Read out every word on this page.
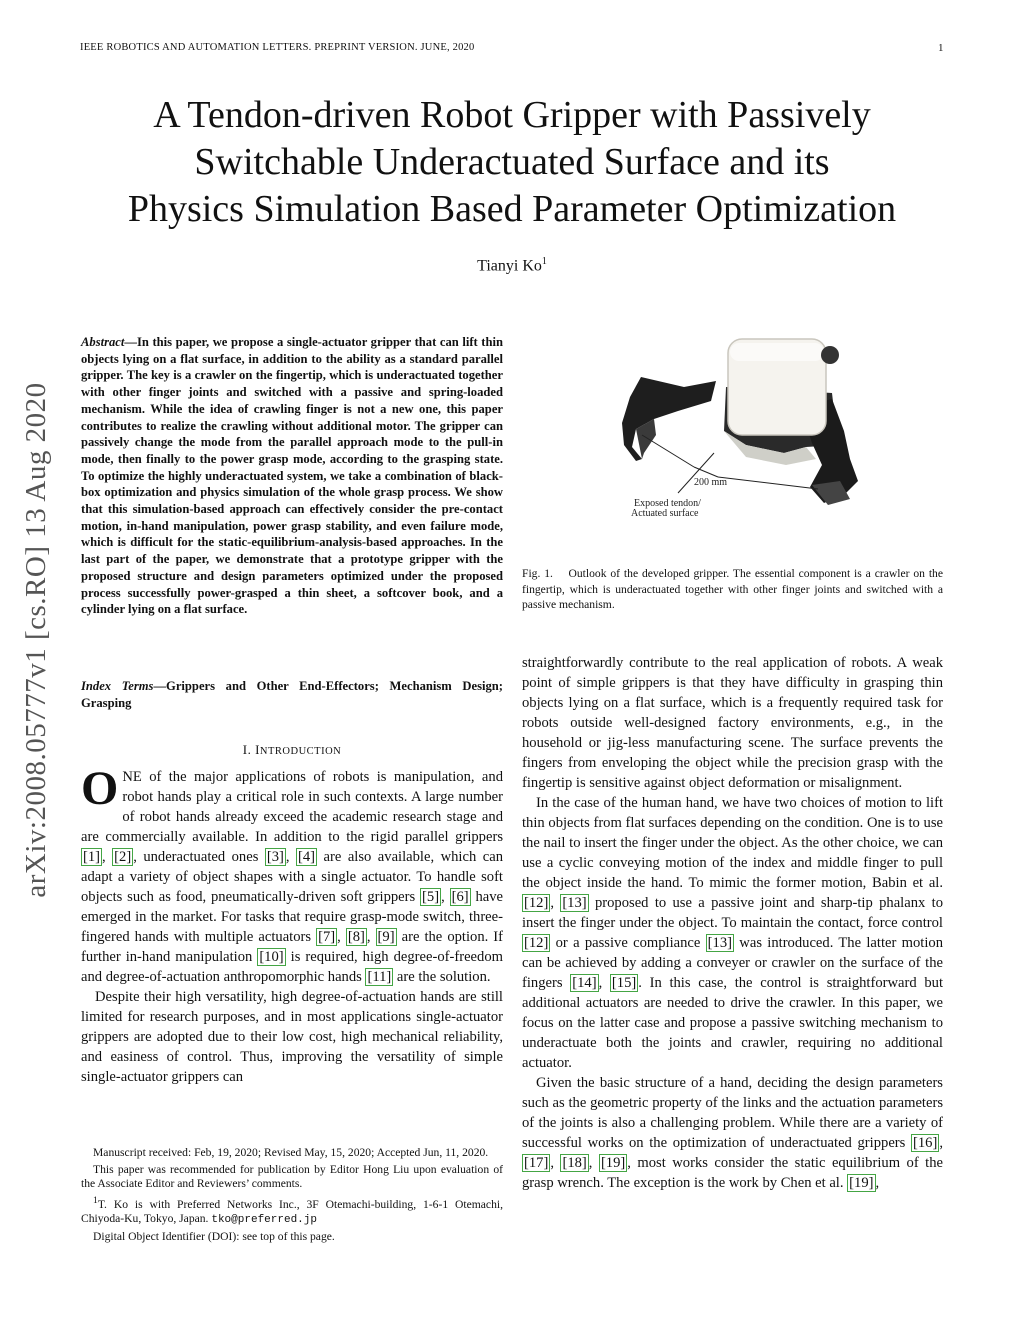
IEEE ROBOTICS AND AUTOMATION LETTERS. PREPRINT VERSION. JUNE, 2020	1
A Tendon-driven Robot Gripper with Passively
Switchable Underactuated Surface and its
Physics Simulation Based Parameter Optimization
Tianyi Ko$^1$
arXiv:2008.05777v1 [cs.RO] 13 Aug 2020
Abstract—In this paper, we propose a single-actuator gripper that can lift thin objects lying on a flat surface, in addition to the ability as a standard parallel gripper. The key is a crawler on the fingertip, which is underactuated together with other finger joints and switched with a passive and spring-loaded mechanism. While the idea of crawling finger is not a new one, this paper contributes to realize the crawling without additional motor. The gripper can passively change the mode from the parallel approach mode to the pull-in mode, then finally to the power grasp mode, according to the grasping state. To optimize the highly underactuated system, we take a combination of black-box optimization and physics simulation of the whole grasp process. We show that this simulation-based approach can effectively consider the pre-contact motion, in-hand manipulation, power grasp stability, and even failure mode, which is difficult for the static-equilibrium-analysis-based approaches. In the last part of the paper, we demonstrate that a prototype gripper with the proposed structure and design parameters optimized under the proposed process successfully power-grasped a thin sheet, a softcover book, and a cylinder lying on a flat surface.
Index Terms—Grippers and Other End-Effectors; Mechanism Design; Grasping
I. INTRODUCTION

ONE of the major applications of robots is manipulation, and robot hands play a critical role in such contexts. A large number of robot hands already exceed the academic research stage and are commercially available. In addition to the rigid parallel grippers [1] , [2] , underactuated ones [3] , [4] are also available, which can adapt a variety of object shapes with a single actuator. To handle soft objects such as food, pneumatically-driven soft grippers [5] , [6] have emerged in the market. For tasks that require grasp-mode switch, three-fingered hands with multiple actuators [7] , [8] , [9] are the option. If further in-hand manipulation [10] is required, high degree-of-freedom and degree-of-actuation anthropomorphic hands [11] are the solution.

Despite their high versatility, high degree-of-actuation hands are still limited for research purposes, and in most applications single-actuator grippers are adopted due to their low cost, high mechanical reliability, and easiness of control. Thus, improving the versatility of simple single-actuator grippers can

Manuscript received: Feb, 19, 2020; Revised May, 15, 2020; Accepted Jun, 11, 2020.

This paper was recommended for publication by Editor Hong Liu upon evaluation of the Associate Editor and Reviewers’ comments.

$^1$T. Ko is with Preferred Networks Inc., 3F Otemachi-building, 1-6-1 Otemachi, Chiyoda-Ku, Tokyo, Japan. tko@preferred.jp

Digital Object Identifier (DOI): see top of this page.

200 mm
Exposed tendon/
Actuated surface
Fig. 1. Outlook of the developed gripper. The essential component is a crawler on the fingertip, which is underactuated together with other finger joints and switched with a passive mechanism.

straightforwardly contribute to the real application of robots. A weak point of simple grippers is that they have difficulty in grasping thin objects lying on a flat surface, which is a frequently required task for robots outside well-designed factory environments, e.g., in the household or jig-less manufacturing scene. The surface prevents the fingers from enveloping the object while the precision grasp with the fingertip is sensitive against object deformation or misalignment.

In the case of the human hand, we have two choices of motion to lift thin objects from flat surfaces depending on the condition. One is to use the nail to insert the finger under the object. As the other choice, we can use a cyclic conveying motion of the index and middle finger to pull the object inside the hand. To mimic the former motion, Babin et al. [12] , [13] proposed to use a passive joint and sharp-tip phalanx to insert the finger under the object. To maintain the contact, force control [12] or a passive compliance [13] was introduced. The latter motion can be achieved by adding a conveyer or crawler on the surface of the fingers [14] , [15] . In this case, the control is straightforward but additional actuators are needed to drive the crawler. In this paper, we focus on the latter case and propose a passive switching mechanism to underactuate both the joints and crawler, requiring no additional actuator.

Given the basic structure of a hand, deciding the design parameters such as the geometric property of the links and the actuation parameters of the joints is also a challenging problem. While there are a variety of successful works on the optimization of underactuated grippers [16] , [17] , [18] , [19] , most works consider the static equilibrium of the grasp wrench. The exception is the work by Chen et al. [19] ,
